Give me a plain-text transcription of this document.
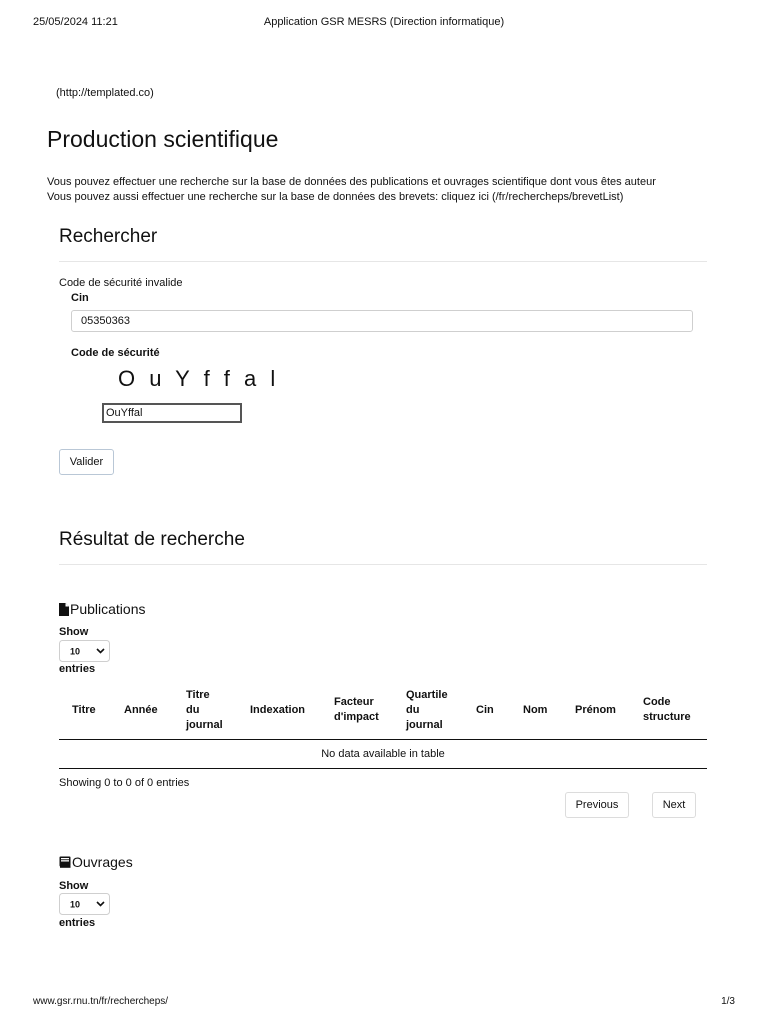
25/05/2024 11:21	Application GSR MESRS (Direction informatique)
(http://templated.co)
Production scientifique
Vous pouvez effectuer une recherche sur la base de données des publications et ouvrages scientifique dont vous êtes auteur
Vous pouvez aussi effectuer une recherche sur la base de données des brevets: cliquez ici (/fr/rechercheps/brevetList)
Rechercher
Code de sécurité invalide
Cin
05350363
Code de sécurité
O u Y f f a l
OuYffal
Valider
Résultat de recherche
Publications
Show
10
entries
Titre	Année	Titre
du
journal	Indexation	Facteur
d'impact	Quartile
du
journal	Cin	Nom	Prénom	Code
structure
No data available in table
Showing 0 to 0 of 0 entries
Previous	Next
Ouvrages
Show
10
entries
www.gsr.rnu.tn/fr/rechercheps/	1/3
